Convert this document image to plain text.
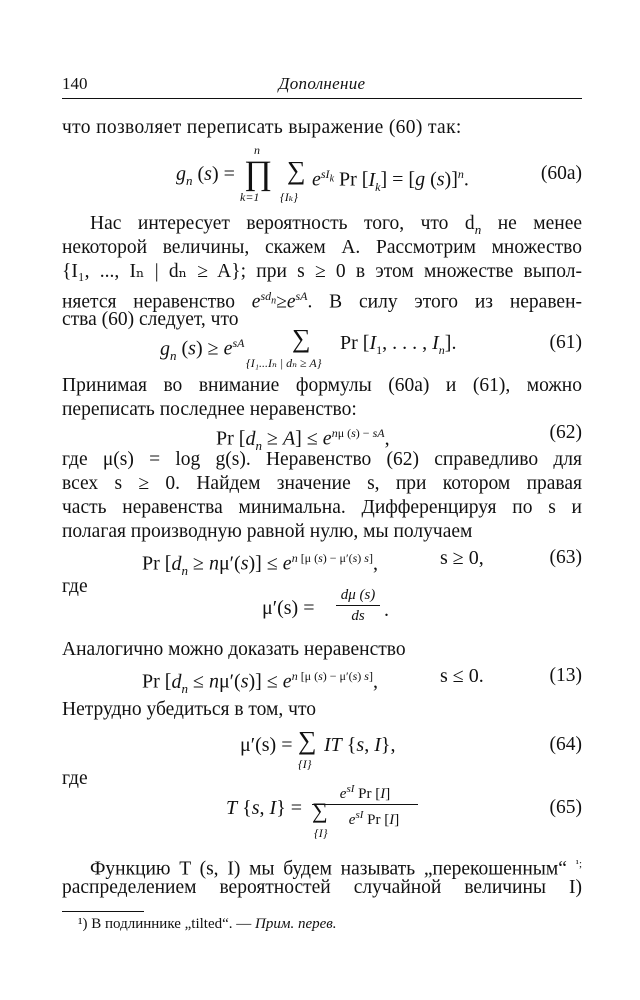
140	Дополнение
что позволяет переписать выражение (60) так:
$g_n$ (s) =
n
∏
k=1
∑
{Iₖ}
$e^{sI_k}$ Pr $[I_k] = [g$ (s)]$^n$.	(60a)
Нас интересует вероятность того, что $d_n$ не менее
некоторой величины, скажем A. Рассмотрим множество
{I₁, ..., Iₙ | dₙ ≥ A}; при s ≥ 0 в этом множестве выпол-
няется неравенство $e^{sd_n}\ge e^{sA}$. В силу этого из нерaвен-
ства (60) следует, что
$g_n$ $(s) \ge e^{sA}$ ∑
{I₁...Iₙ | dₙ ≥ A}
Pr [$I_1$, . . . , $I_n$].	(61)
Принимая во внимание формулы (60а) и (61), можно
переписать последнее неравенство:
Pr $[d_n \ge A] \le e^{n\mu (s) - sA}$,	(62)
где μ(s) = log g(s). Неравенство (62) справедливо для
всех s ≥ 0. Найдем значение s, при котором правая
часть неравенства минимальна. Дифференцируя по s и
полагая производную равной нулю, мы получаем
Pr $[d_n \ge n\mu'(s)] \le e^{n [\mu (s) - \mu'(s) s]}$,	s ≥ 0,	(63)
где
μ′(s) =
dμ (s)
ds .
Аналогично можно доказать неравенство
Pr $[d_n \le n\mu'(s)] \le e^{n [\mu (s) - \mu'(s) s]}$,	s ≤ 0.	(13)
Нетрудно убедиться в том, что
μ′(s) = ∑
{I}
IT {s, I},	(64)
где
T {s, I} =
$e^{sI}$ Pr [I]
∑ $e^{sI}$ Pr [I]
{I}
(65)
Функцию T (s, I) мы будем называть „перекошенным“ $^{^1;}$
распределением вероятностей случайной величины I)
¹) В подлиннике „tilted“. — Прим. перев.
